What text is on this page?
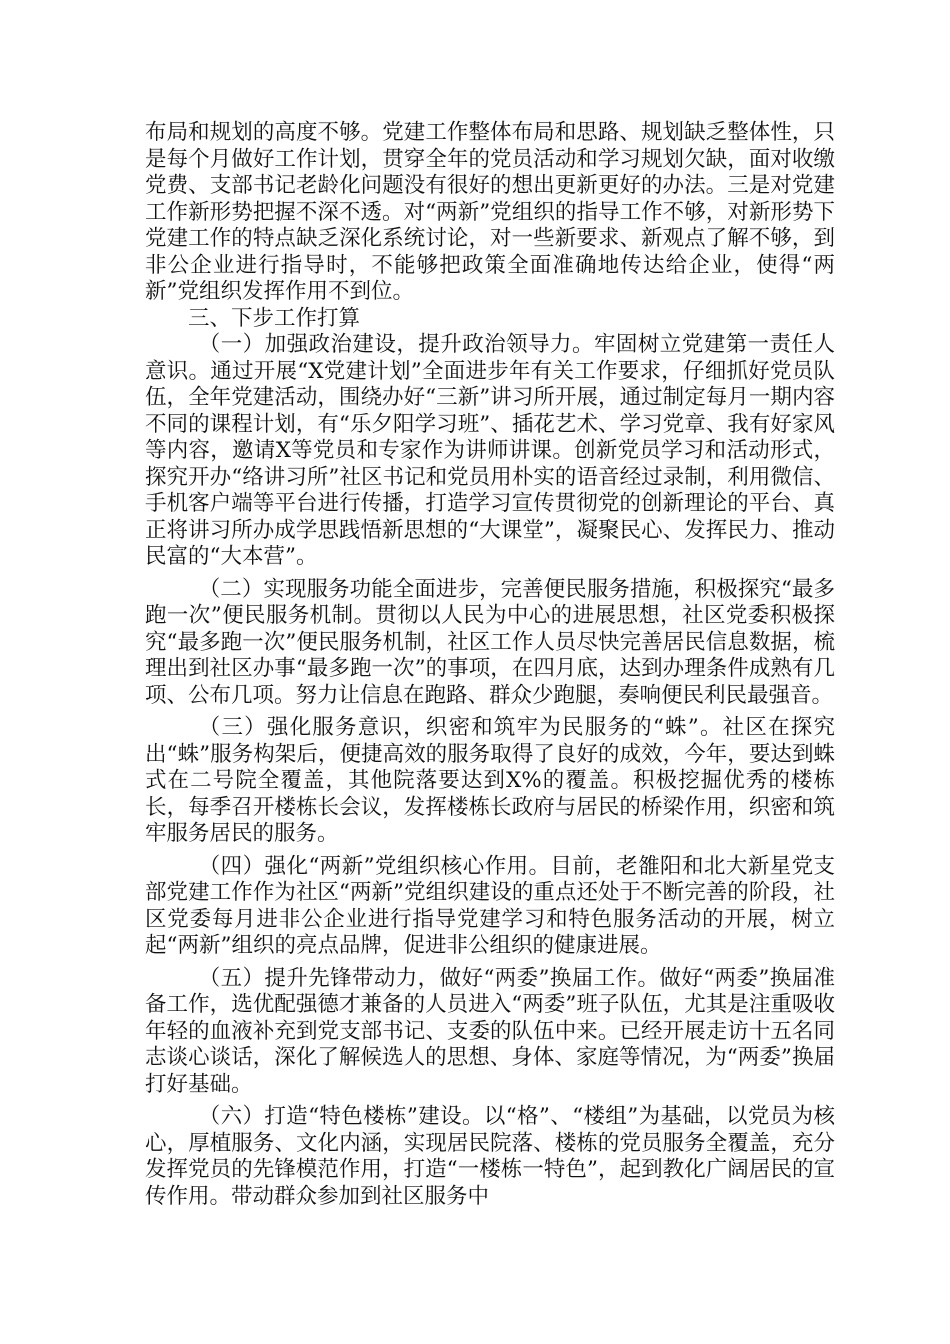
布局和规划的高度不够。党建工作整体布局和思路、规划缺乏整体性，只是每个月做好工作计划，贯穿全年的党员活动和学习规划欠缺，面对收缴党费、支部书记老龄化问题没有很好的想出更新更好的办法。三是对党建工作新形势把握不深不透。对“两新”党组织的指导工作不够，对新形势下党建工作的特点缺乏深化系统讨论，对一些新要求、新观点了解不够，到非公企业进行指导时，不能够把政策全面准确地传达给企业，使得“两新”党组织发挥作用不到位。

三、下步工作打算

（一）加强政治建设，提升政治领导力。牢固树立党建第一责任人意识。通过开展“X党建计划”全面进步年有关工作要求，仔细抓好党员队伍，全年党建活动，围绕办好“三新”讲习所开展，通过制定每月一期内容不同的课程计划，有“乐夕阳学习班”、插花艺术、学习党章、我有好家风等内容，邀请X等党员和专家作为讲师讲课。创新党员学习和活动形式，探究开办“络讲习所”社区书记和党员用朴实的语音经过录制，利用微信、手机客户端等平台进行传播，打造学习宣传贯彻党的创新理论的平台、真正将讲习所办成学思践悟新思想的“大课堂”，凝聚民心、发挥民力、推动民富的“大本营”。

（二）实现服务功能全面进步，完善便民服务措施，积极探究“最多跑一次”便民服务机制。贯彻以人民为中心的进展思想，社区党委积极探究“最多跑一次”便民服务机制，社区工作人员尽快完善居民信息数据，梳理出到社区办事“最多跑一次”的事项，在四月底，达到办理条件成熟有几项、公布几项。努力让信息在跑路、群众少跑腿，奏响便民利民最强音。

（三）强化服务意识，织密和筑牢为民服务的“蛛”。社区在探究出“蛛”服务构架后，便捷高效的服务取得了良好的成效，今年，要达到蛛式在二号院全覆盖，其他院落要达到X%的覆盖。积极挖掘优秀的楼栋长，每季召开楼栋长会议，发挥楼栋长政府与居民的桥梁作用，织密和筑牢服务居民的服务。

（四）强化“两新”党组织核心作用。目前，老雒阳和北大新星党支部党建工作作为社区“两新”党组织建设的重点还处于不断完善的阶段，社区党委每月进非公企业进行指导党建学习和特色服务活动的开展，树立起“两新”组织的亮点品牌，促进非公组织的健康进展。

（五）提升先锋带动力，做好“两委”换届工作。做好“两委”换届准备工作，选优配强德才兼备的人员进入“两委”班子队伍，尤其是注重吸收年轻的血液补充到党支部书记、支委的队伍中来。已经开展走访十五名同志谈心谈话，深化了解候选人的思想、身体、家庭等情况，为“两委”换届打好基础。

（六）打造“特色楼栋”建设。以“格”、“楼组”为基础，以党员为核心，厚植服务、文化内涵，实现居民院落、楼栋的党员服务全覆盖，充分发挥党员的先锋模范作用，打造“一楼栋一特色”，起到教化广阔居民的宣传作用。带动群众参加到社区服务中
